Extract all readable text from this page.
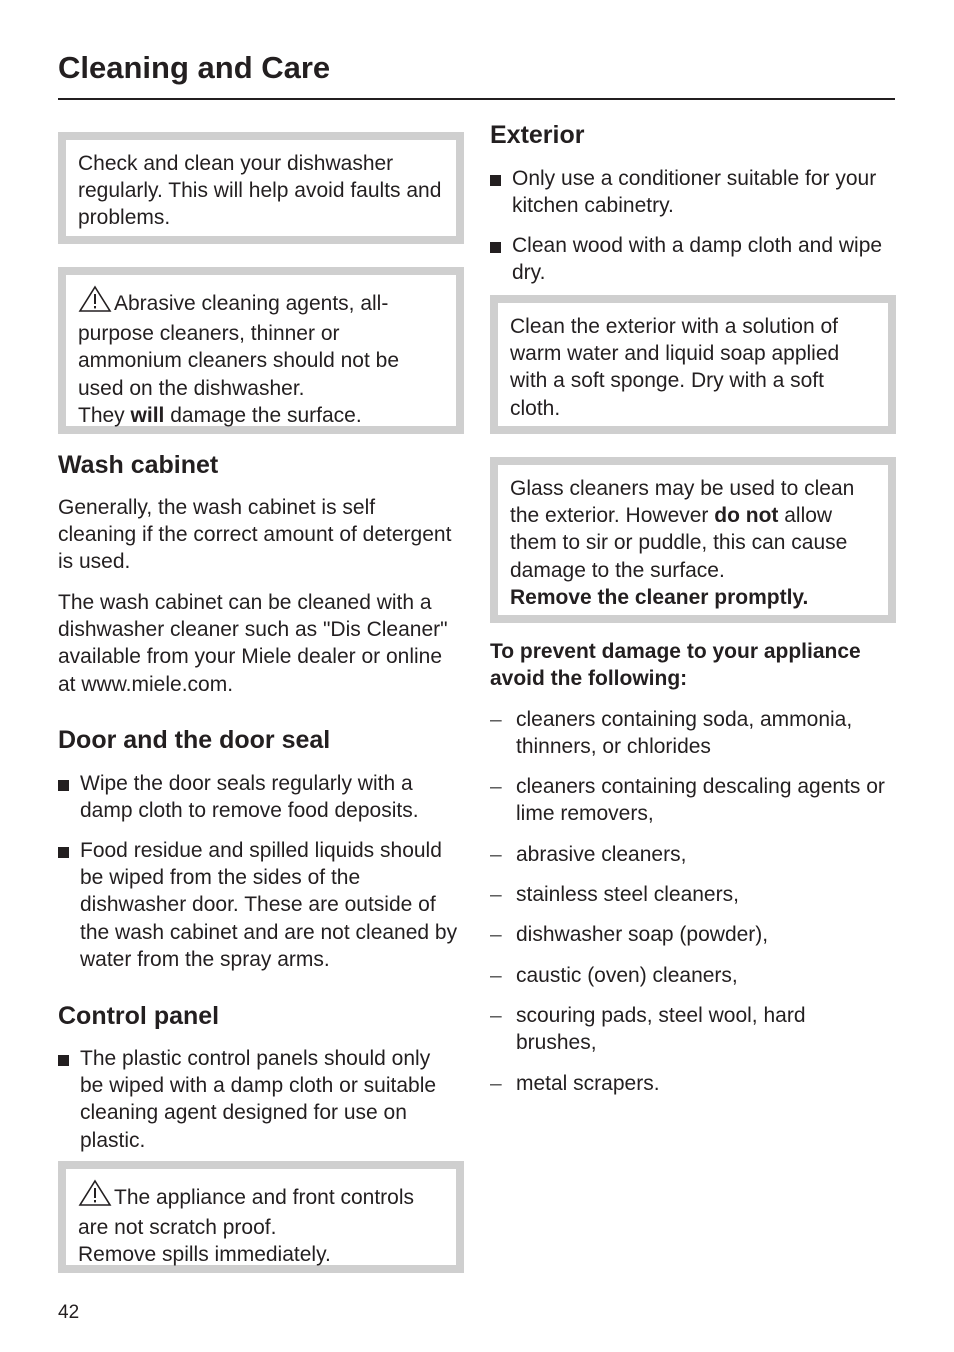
Cleaning and Care

Check and clean your dishwasher regularly. This will help avoid faults and problems.

Abrasive cleaning agents, all-purpose cleaners, thinner or ammonium cleaners should not be used on the dishwasher.

They will damage the surface.

Wash cabinet

Generally, the wash cabinet is self cleaning if the correct amount of detergent is used.

The wash cabinet can be cleaned with a dishwasher cleaner such as "Dis Cleaner" available from your Miele dealer or online at www.miele.com.

Door and the door seal

Wipe the door seals regularly with a damp cloth to remove food deposits.

Food residue and spilled liquids should be wiped from the sides of the dishwasher door. These are outside of the wash cabinet and are not cleaned by water from the spray arms.

Control panel

The plastic control panels should only be wiped with a damp cloth or suitable cleaning agent designed for use on plastic.

The appliance and front controls are not scratch proof.

Remove spills immediately.

Exterior

Only use a conditioner suitable for your kitchen cabinetry.

Clean wood with a damp cloth and wipe dry.

Clean the exterior with a solution of warm water and liquid soap applied with a soft sponge. Dry with a soft cloth.

Glass cleaners may be used to clean the exterior. However do not allow them to sir or puddle, this can cause damage to the surface.

Remove the cleaner promptly.

To prevent damage to your appliance avoid the following:

– cleaners containing soda, ammonia, thinners, or chlorides

– cleaners containing descaling agents or lime removers,

– abrasive cleaners,

– stainless steel cleaners,

– dishwasher soap (powder),

– caustic (oven) cleaners,

– scouring pads, steel wool, hard brushes,

– metal scrapers.

42
